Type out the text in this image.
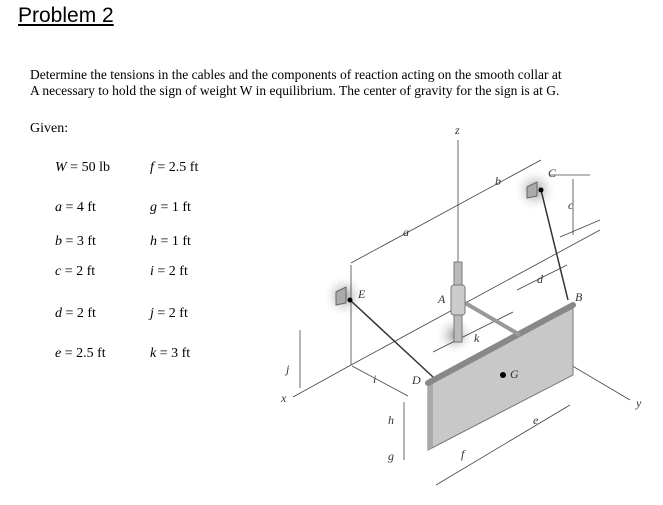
Problem 2
Determine the tensions in the cables and the components of reaction acting on the smooth collar at
A necessary to hold the sign of weight W in equilibrium. The center of gravity for the sign is at G.
Given:
W = 50 lb	f = 2.5 ft
a = 4 ft	g = 1 ft
b = 3 ft	h = 1 ft
c = 2 ft	i = 2 ft
d = 2 ft	j = 2 ft
e = 2.5 ft	k = 3 ft
z
x	y
A	B
C
D
E
G
a
b
c
d
e
f
g
h
i
j
k
